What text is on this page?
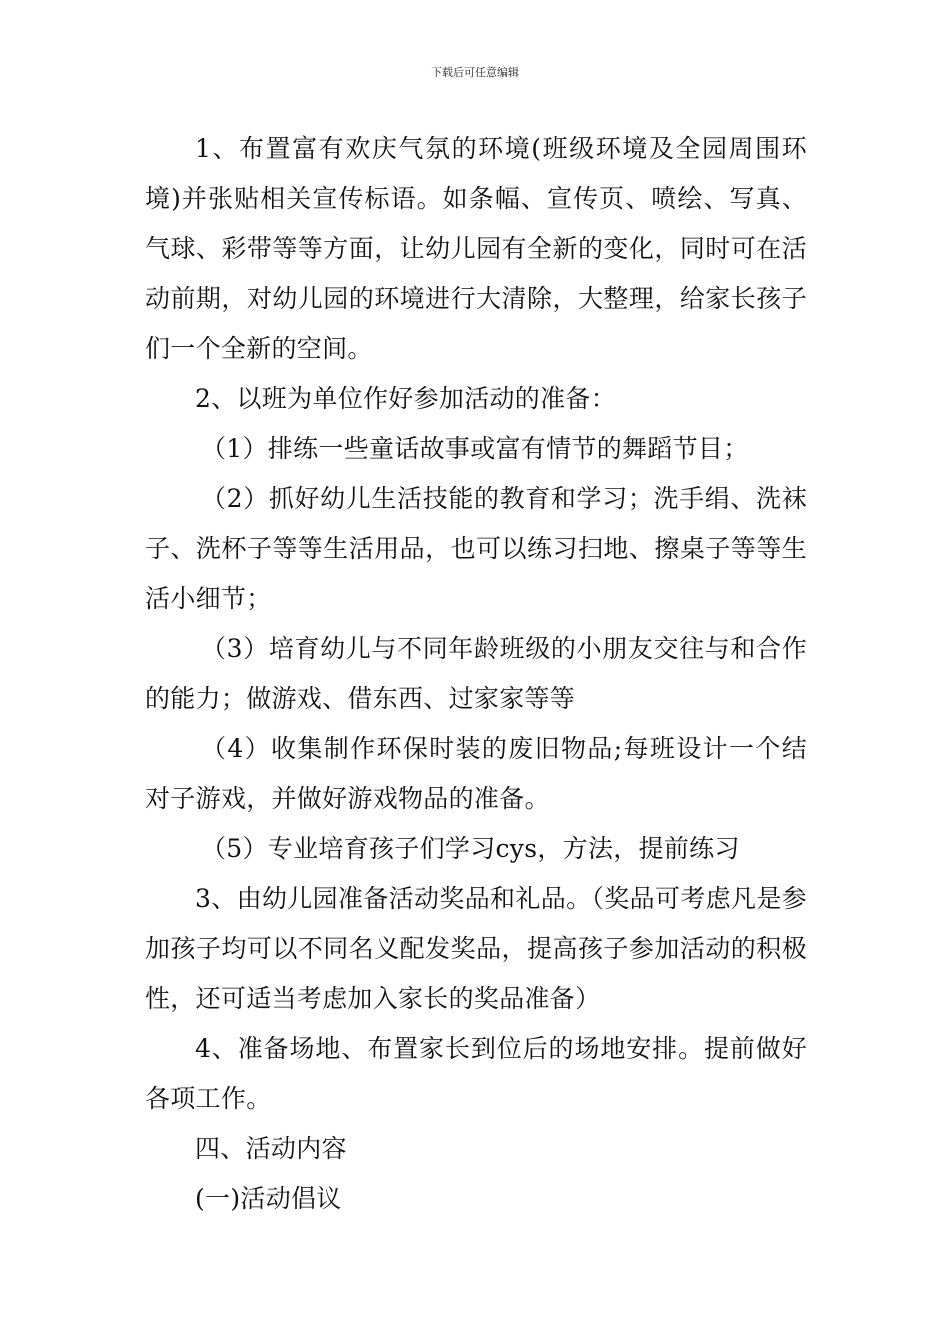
下载后可任意编辑

1、布置富有欢庆气氛的环境(班级环境及全园周围环境)并张贴相关宣传标语。如条幅、宣传页、喷绘、写真、气球、彩带等等方面，让幼儿园有全新的变化，同时可在活动前期，对幼儿园的环境进行大清除，大整理，给家长孩子们一个全新的空间。

2、以班为单位作好参加活动的准备：

（1）排练一些童话故事或富有情节的舞蹈节目；

（2）抓好幼儿生活技能的教育和学习；洗手绢、洗袜子、洗杯子等等生活用品，也可以练习扫地、擦桌子等等生活小细节；

（3）培育幼儿与不同年龄班级的小朋友交往与和合作的能力；做游戏、借东西、过家家等等

（4）收集制作环保时装的废旧物品;每班设计一个结对子游戏，并做好游戏物品的准备。

（5）专业培育孩子们学习cys，方法，提前练习

3、由幼儿园准备活动奖品和礼品。（奖品可考虑凡是参加孩子均可以不同名义配发奖品，提高孩子参加活动的积极性，还可适当考虑加入家长的奖品准备）

4、准备场地、布置家长到位后的场地安排。提前做好各项工作。

四、活动内容

(一)活动倡议
